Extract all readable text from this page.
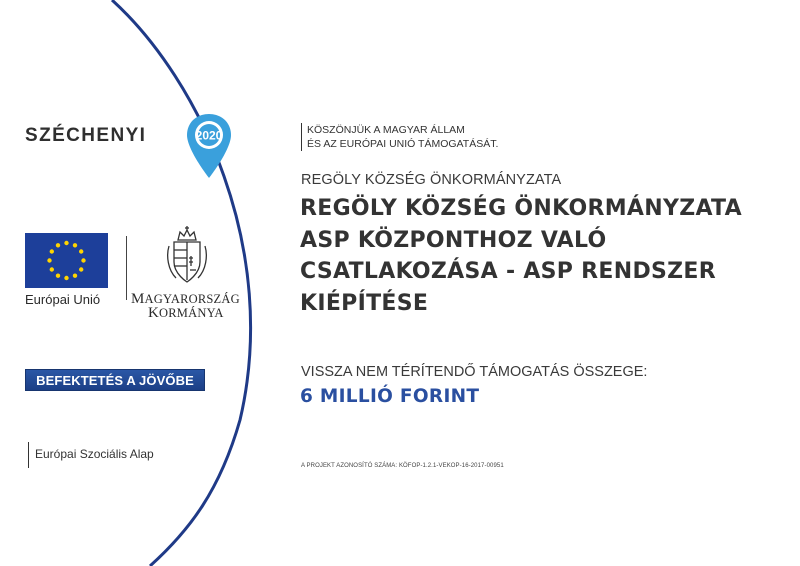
SZÉCHENYI	2020
Európai Unió MAGYARORSZÁG
KORMÁNYA
BEFEKTETÉS A JÖVŐBE
Európai Szociális Alap
KÖSZÖNJÜK A MAGYAR ÁLLAM
ÉS AZ EURÓPAI UNIÓ TÁMOGATÁSÁT.
REGÖLY KÖZSÉG ÖNKORMÁNYZATA
REGÖLY KÖZSÉG ÖNKORMÁNYZATA ASP KÖZPONTHOZ VALÓ CSATLAKOZÁSA - ASP RENDSZER KIÉPÍTÉSE
VISSZA NEM TÉRÍTENDŐ TÁMOGATÁS ÖSSZEGE:
6 MILLIÓ FORINT
A PROJEKT AZONOSÍTÓ SZÁMA: KÖFOP-1.2.1-VEKOP-16-2017-00951
